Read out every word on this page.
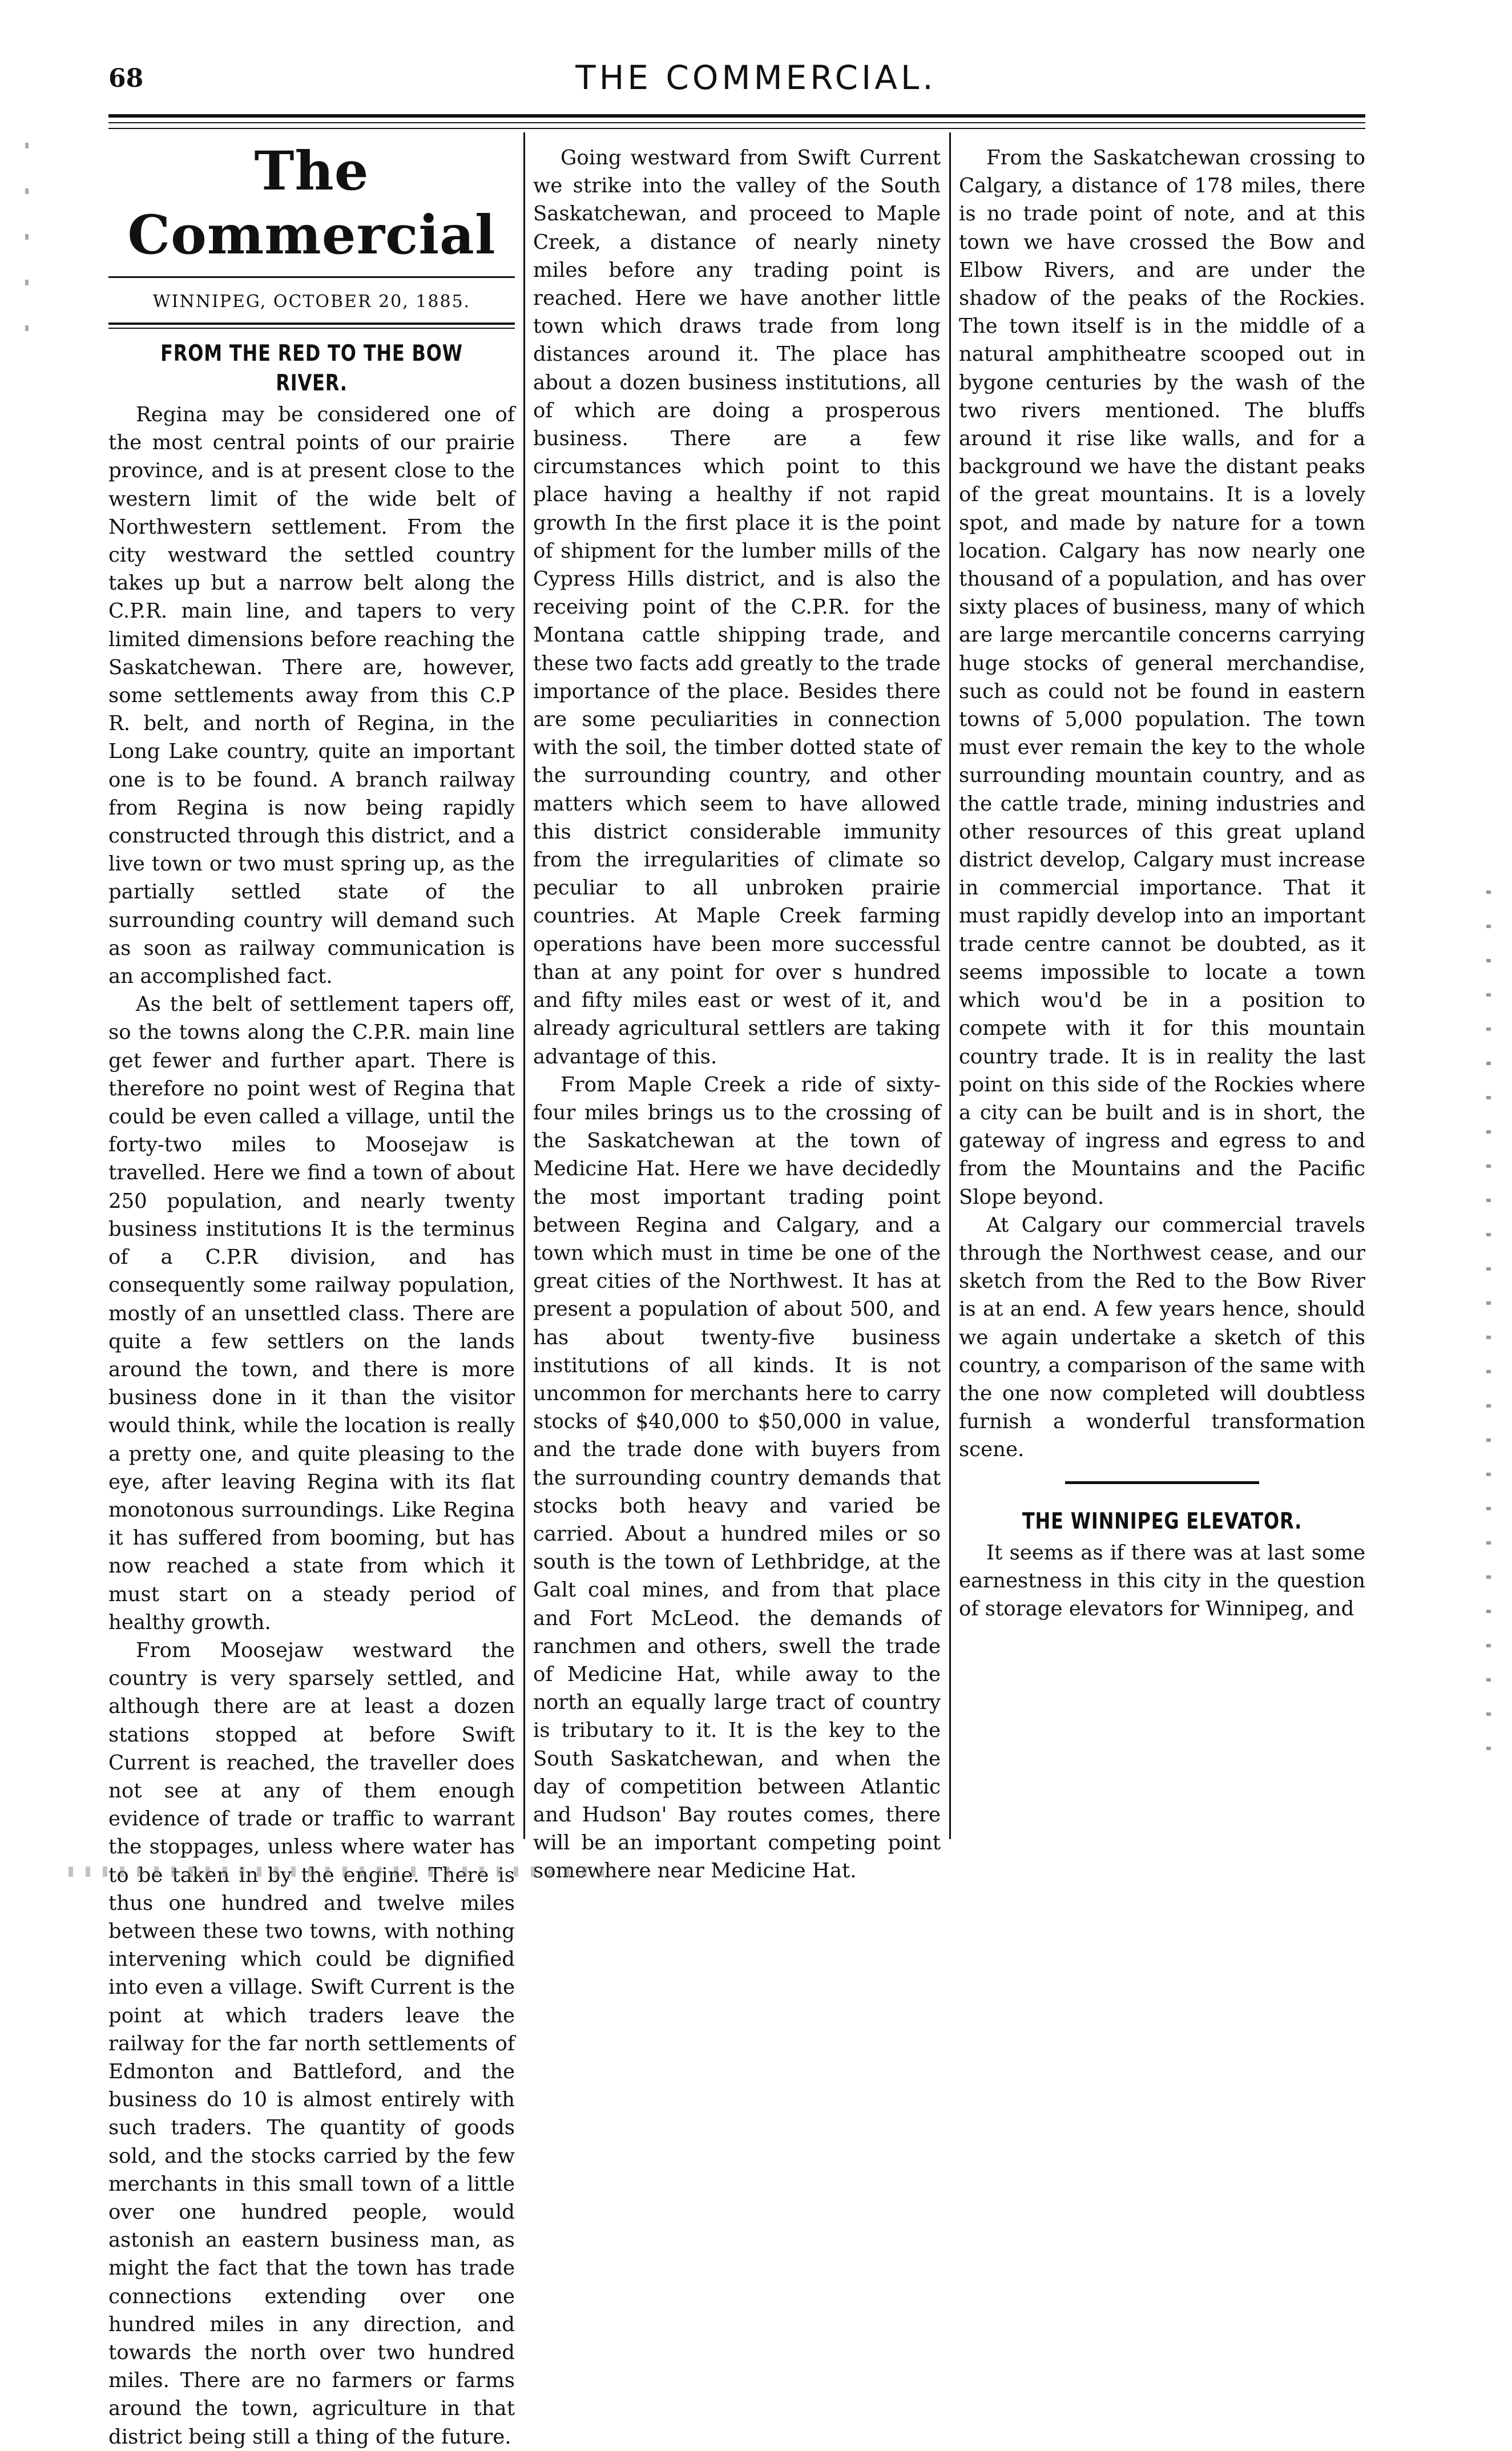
68	THE COMMERCIAL.
The Commercial
WINNIPEG, OCTOBER 20, 1885.
FROM THE RED TO THE BOW RIVER.

Regina may be considered one of the most central points of our prairie province, and is at present close to the western limit of the wide belt of Northwestern settlement. From the city westward the settled country takes up but a narrow belt along the C.P.R. main line, and tapers to very limited dimensions before reaching the Saskatchewan. There are, however, some settlements away from this C.P R. belt, and north of Regina, in the Long Lake country, quite an important one is to be found. A branch railway from Regina is now being rapidly constructed through this district, and a live town or two must spring up, as the partially settled state of the surrounding country will demand such as soon as railway communication is an accomplished fact.

As the belt of settlement tapers off, so the towns along the C.P.R. main line get fewer and further apart. There is therefore no point west of Regina that could be even called a village, until the forty-two miles to Moosejaw is travelled. Here we find a town of about 250 population, and nearly twenty business institutions It is the terminus of a C.P.R division, and has consequently some railway population, mostly of an unsettled class. There are quite a few settlers on the lands around the town, and there is more business done in it than the visitor would think, while the location is really a pretty one, and quite pleasing to the eye, after leaving Regina with its flat monotonous surroundings. Like Regina it has suffered from booming, but has now reached a state from which it must start on a steady period of healthy growth.

From Moosejaw westward the country is very sparsely settled, and although there are at least a dozen stations stopped at before Swift Current is reached, the traveller does not see at any of them enough evidence of trade or traffic to warrant the stoppages, unless where water has to be taken in by the engine. There is thus one hundred and twelve miles between these two towns, with nothing intervening which could be dignified into even a village. Swift Current is the point at which traders leave the railway for the far north settlements of Edmonton and Battleford, and the business do 10 is almost entirely with such traders. The quantity of goods sold, and the stocks carried by the few merchants in this small town of a little over one hundred people, would astonish an eastern business man, as might the fact that the town has trade connections extending over one hundred miles in any direction, and towards the north over two hundred miles. There are no farmers or farms around the town, agriculture in that district being still a thing of the future.

Going westward from Swift Current we strike into the valley of the South Saskatchewan, and proceed to Maple Creek, a distance of nearly ninety miles before any trading point is reached. Here we have another little town which draws trade from long distances around it. The place has about a dozen business institutions, all of which are doing a prosperous business. There are a few circumstances which point to this place having a healthy if not rapid growth In the first place it is the point of shipment for the lumber mills of the Cypress Hills district, and is also the receiving point of the C.P.R. for the Montana cattle shipping trade, and these two facts add greatly to the trade importance of the place. Besides there are some peculiarities in connection with the soil, the timber dotted state of the surrounding country, and other matters which seem to have allowed this district considerable immunity from the irregularities of climate so peculiar to all unbroken prairie countries. At Maple Creek farming operations have been more successful than at any point for over s hundred and fifty miles east or west of it, and already agricultural settlers are taking advantage of this.

From Maple Creek a ride of sixty-four miles brings us to the crossing of the Saskatchewan at the town of Medicine Hat. Here we have decidedly the most important trading point between Regina and Calgary, and a town which must in time be one of the great cities of the Northwest. It has at present a population of about 500, and has about twenty-five business institutions of all kinds. It is not uncommon for merchants here to carry stocks of $40,000 to $50,000 in value, and the trade done with buyers from the surrounding country demands that stocks both heavy and varied be carried. About a hundred miles or so south is the town of Lethbridge, at the Galt coal mines, and from that place and Fort McLeod. the demands of ranchmen and others, swell the trade of Medicine Hat, while away to the north an equally large tract of country is tributary to it. It is the key to the South Saskatchewan, and when the day of competition between Atlantic and Hudson' Bay routes comes, there will be an important competing point somewhere near Medicine Hat.

From the Saskatchewan crossing to Calgary, a distance of 178 miles, there is no trade point of note, and at this town we have crossed the Bow and Elbow Rivers, and are under the shadow of the peaks of the Rockies. The town itself is in the middle of a natural amphitheatre scooped out in bygone centuries by the wash of the two rivers mentioned. The bluffs around it rise like walls, and for a background we have the distant peaks of the great mountains. It is a lovely spot, and made by nature for a town location. Calgary has now nearly one thousand of a population, and has over sixty places of business, many of which are large mercantile concerns carrying huge stocks of general merchandise, such as could not be found in eastern towns of 5,000 population. The town must ever remain the key to the whole surrounding mountain country, and as the cattle trade, mining industries and other resources of this great upland district develop, Calgary must increase in commercial importance. That it must rapidly develop into an important trade centre cannot be doubted, as it seems impossible to locate a town which wou'd be in a position to compete with it for this mountain country trade. It is in reality the last point on this side of the Rockies where a city can be built and is in short, the gateway of ingress and egress to and from the Mountains and the Pacific Slope beyond.

At Calgary our commercial travels through the Northwest cease, and our sketch from the Red to the Bow River is at an end. A few years hence, should we again undertake a sketch of this country, a comparison of the same with the one now completed will doubtless furnish a wonderful transformation scene.

THE WINNIPEG ELEVATOR.

It seems as if there was at last some earnestness in this city in the question of storage elevators for Winnipeg, and
